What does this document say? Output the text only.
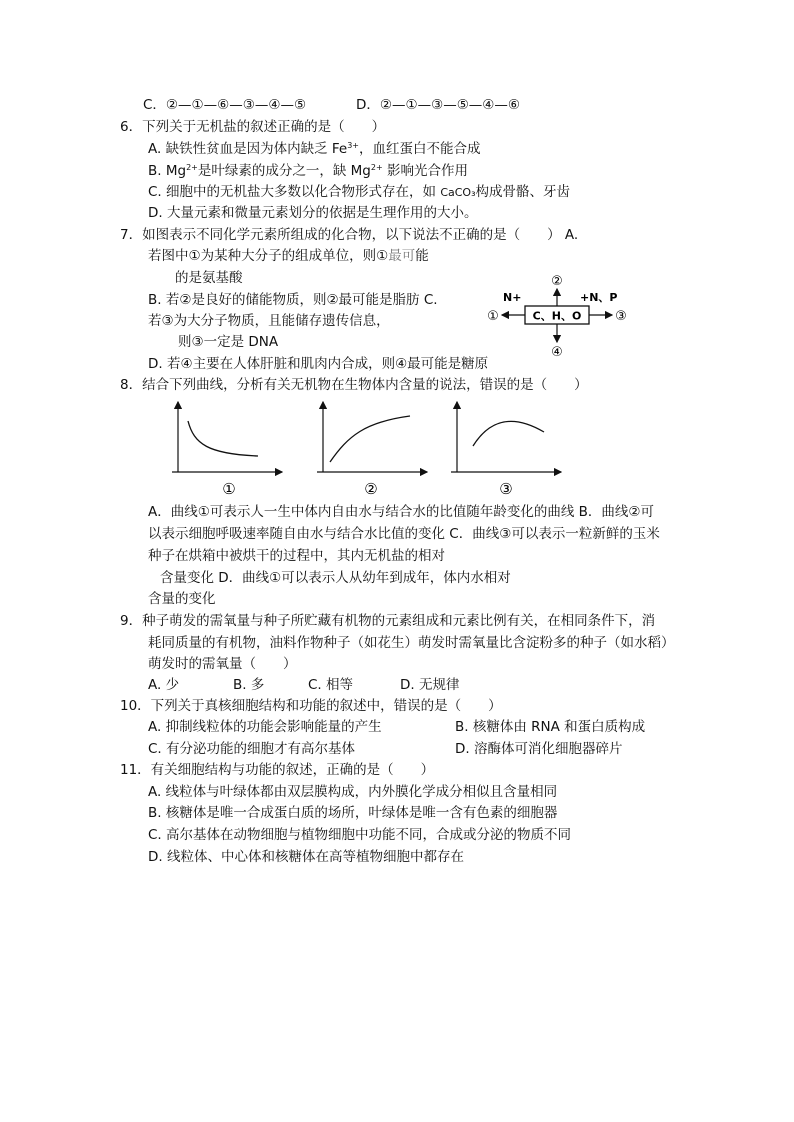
C．②—①—⑥—③—④—⑤	D．②—①—③—⑤—④—⑥
6．下列关于无机盐的叙述正确的是（　　）
A. 缺铁性贫血是因为体内缺乏 $Fe^{3+}$，血红蛋白不能合成
B. $Mg^{2+}$是叶绿素的成分之一，缺 $Mg^{2+}$ 影响光合作用
C. 细胞中的无机盐大多数以化合物形式存在，如 CaCO₃构成骨骼、牙齿
D. 大量元素和微量元素划分的依据是生理作用的大小。
7．如图表示不同化学元素所组成的化合物，以下说法不正确的是（　　） A.
若图中①为某种大分子的组成单位，则①最可能
的是氨基酸
B. 若②是良好的储能物质，则②最可能是脂肪 C.
若③为大分子物质，且能储存遗传信息，
则③一定是 DNA
D. 若④主要在人体肝脏和肌肉内合成，则④最可能是糖原
C、H、O
②
④
①
N+
③
+N、P
8．结合下列曲线，分析有关无机物在生物体内含量的说法，错误的是（　　）
①	②	③
A．曲线①可表示人一生中体内自由水与结合水的比值随年龄变化的曲线 B．曲线②可
以表示细胞呼吸速率随自由水与结合水比值的变化 C．曲线③可以表示一粒新鲜的玉米
种子在烘箱中被烘干的过程中，其内无机盐的相对
含量变化 D．曲线①可以表示人从幼年到成年，体内水相对
含量的变化
9．种子萌发的需氧量与种子所贮藏有机物的元素组成和元素比例有关，在相同条件下，消
耗同质量的有机物，油料作物种子（如花生）萌发时需氧量比含淀粉多的种子（如水稻）
萌发时的需氧量（　　）
A. 少	B. 多	C. 相等	D. 无规律
10．下列关于真核细胞结构和功能的叙述中，错误的是（　　）
A. 抑制线粒体的功能会影响能量的产生	B. 核糖体由 RNA 和蛋白质构成
C. 有分泌功能的细胞才有高尔基体	D. 溶酶体可消化细胞器碎片
11．有关细胞结构与功能的叙述，正确的是（　　）
A. 线粒体与叶绿体都由双层膜构成，内外膜化学成分相似且含量相同
B. 核糖体是唯一合成蛋白质的场所，叶绿体是唯一含有色素的细胞器
C. 高尔基体在动物细胞与植物细胞中功能不同，合成或分泌的物质不同
D. 线粒体、中心体和核糖体在高等植物细胞中都存在
